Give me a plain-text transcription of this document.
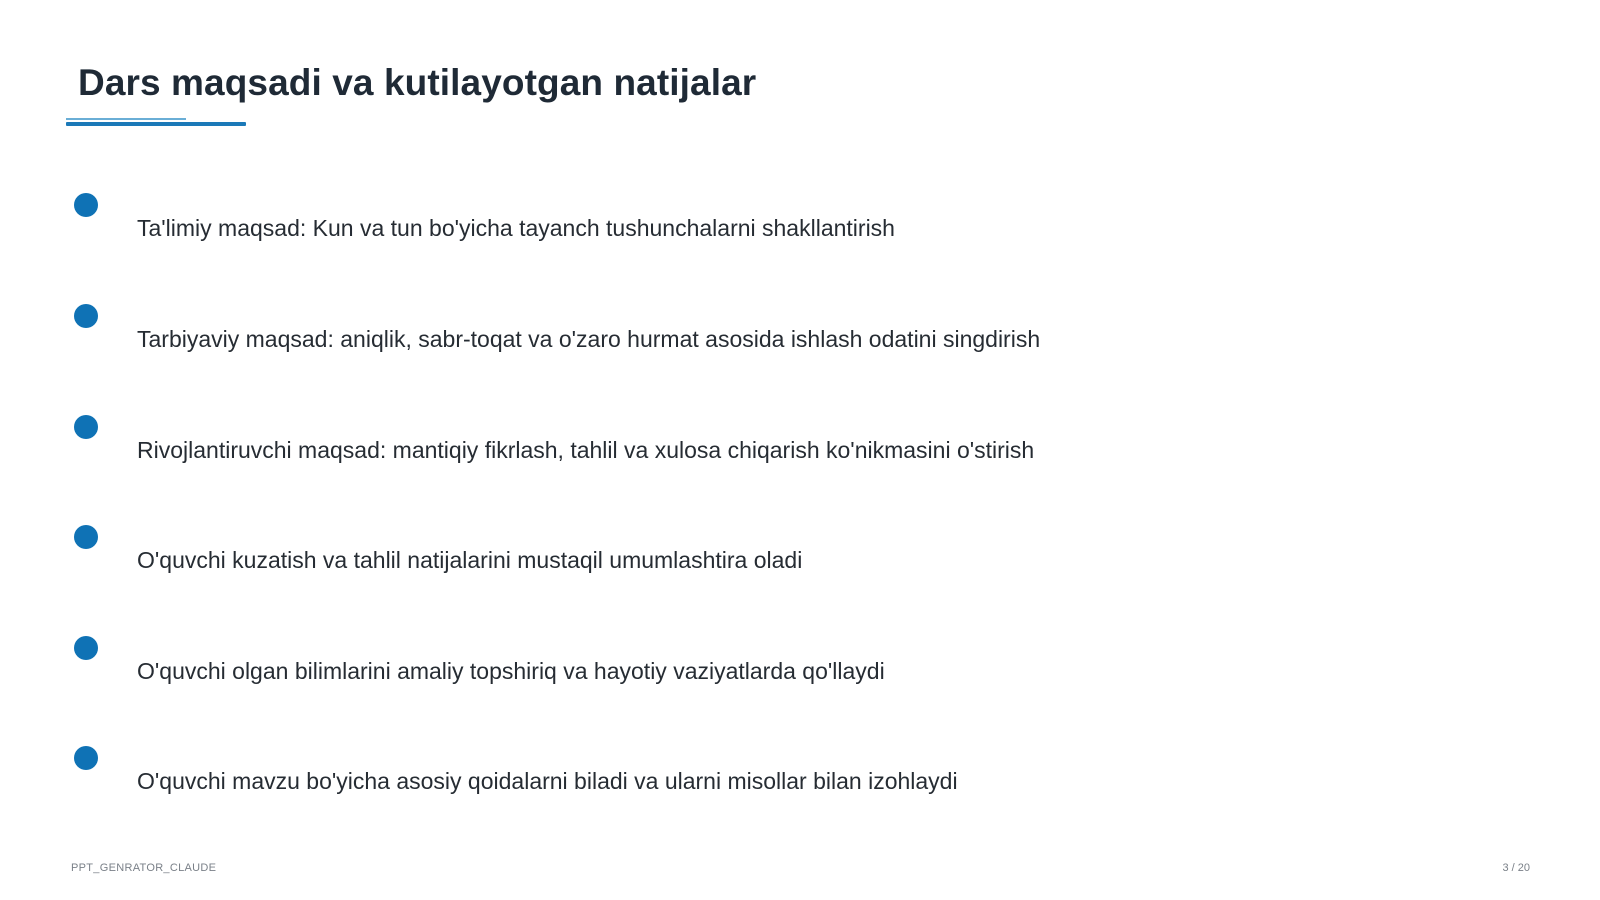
Dars maqsadi va kutilayotgan natijalar
Ta'limiy maqsad: Kun va tun bo'yicha tayanch tushunchalarni shakllantirish
Tarbiyaviy maqsad: aniqlik, sabr-toqat va o'zaro hurmat asosida ishlash odatini singdirish
Rivojlantiruvchi maqsad: mantiqiy fikrlash, tahlil va xulosa chiqarish ko'nikmasini o'stirish
O'quvchi kuzatish va tahlil natijalarini mustaqil umumlashtira oladi
O'quvchi olgan bilimlarini amaliy topshiriq va hayotiy vaziyatlarda qo'llaydi
O'quvchi mavzu bo'yicha asosiy qoidalarni biladi va ularni misollar bilan izohlaydi
PPT_GENRATOR_CLAUDE	3 / 20
